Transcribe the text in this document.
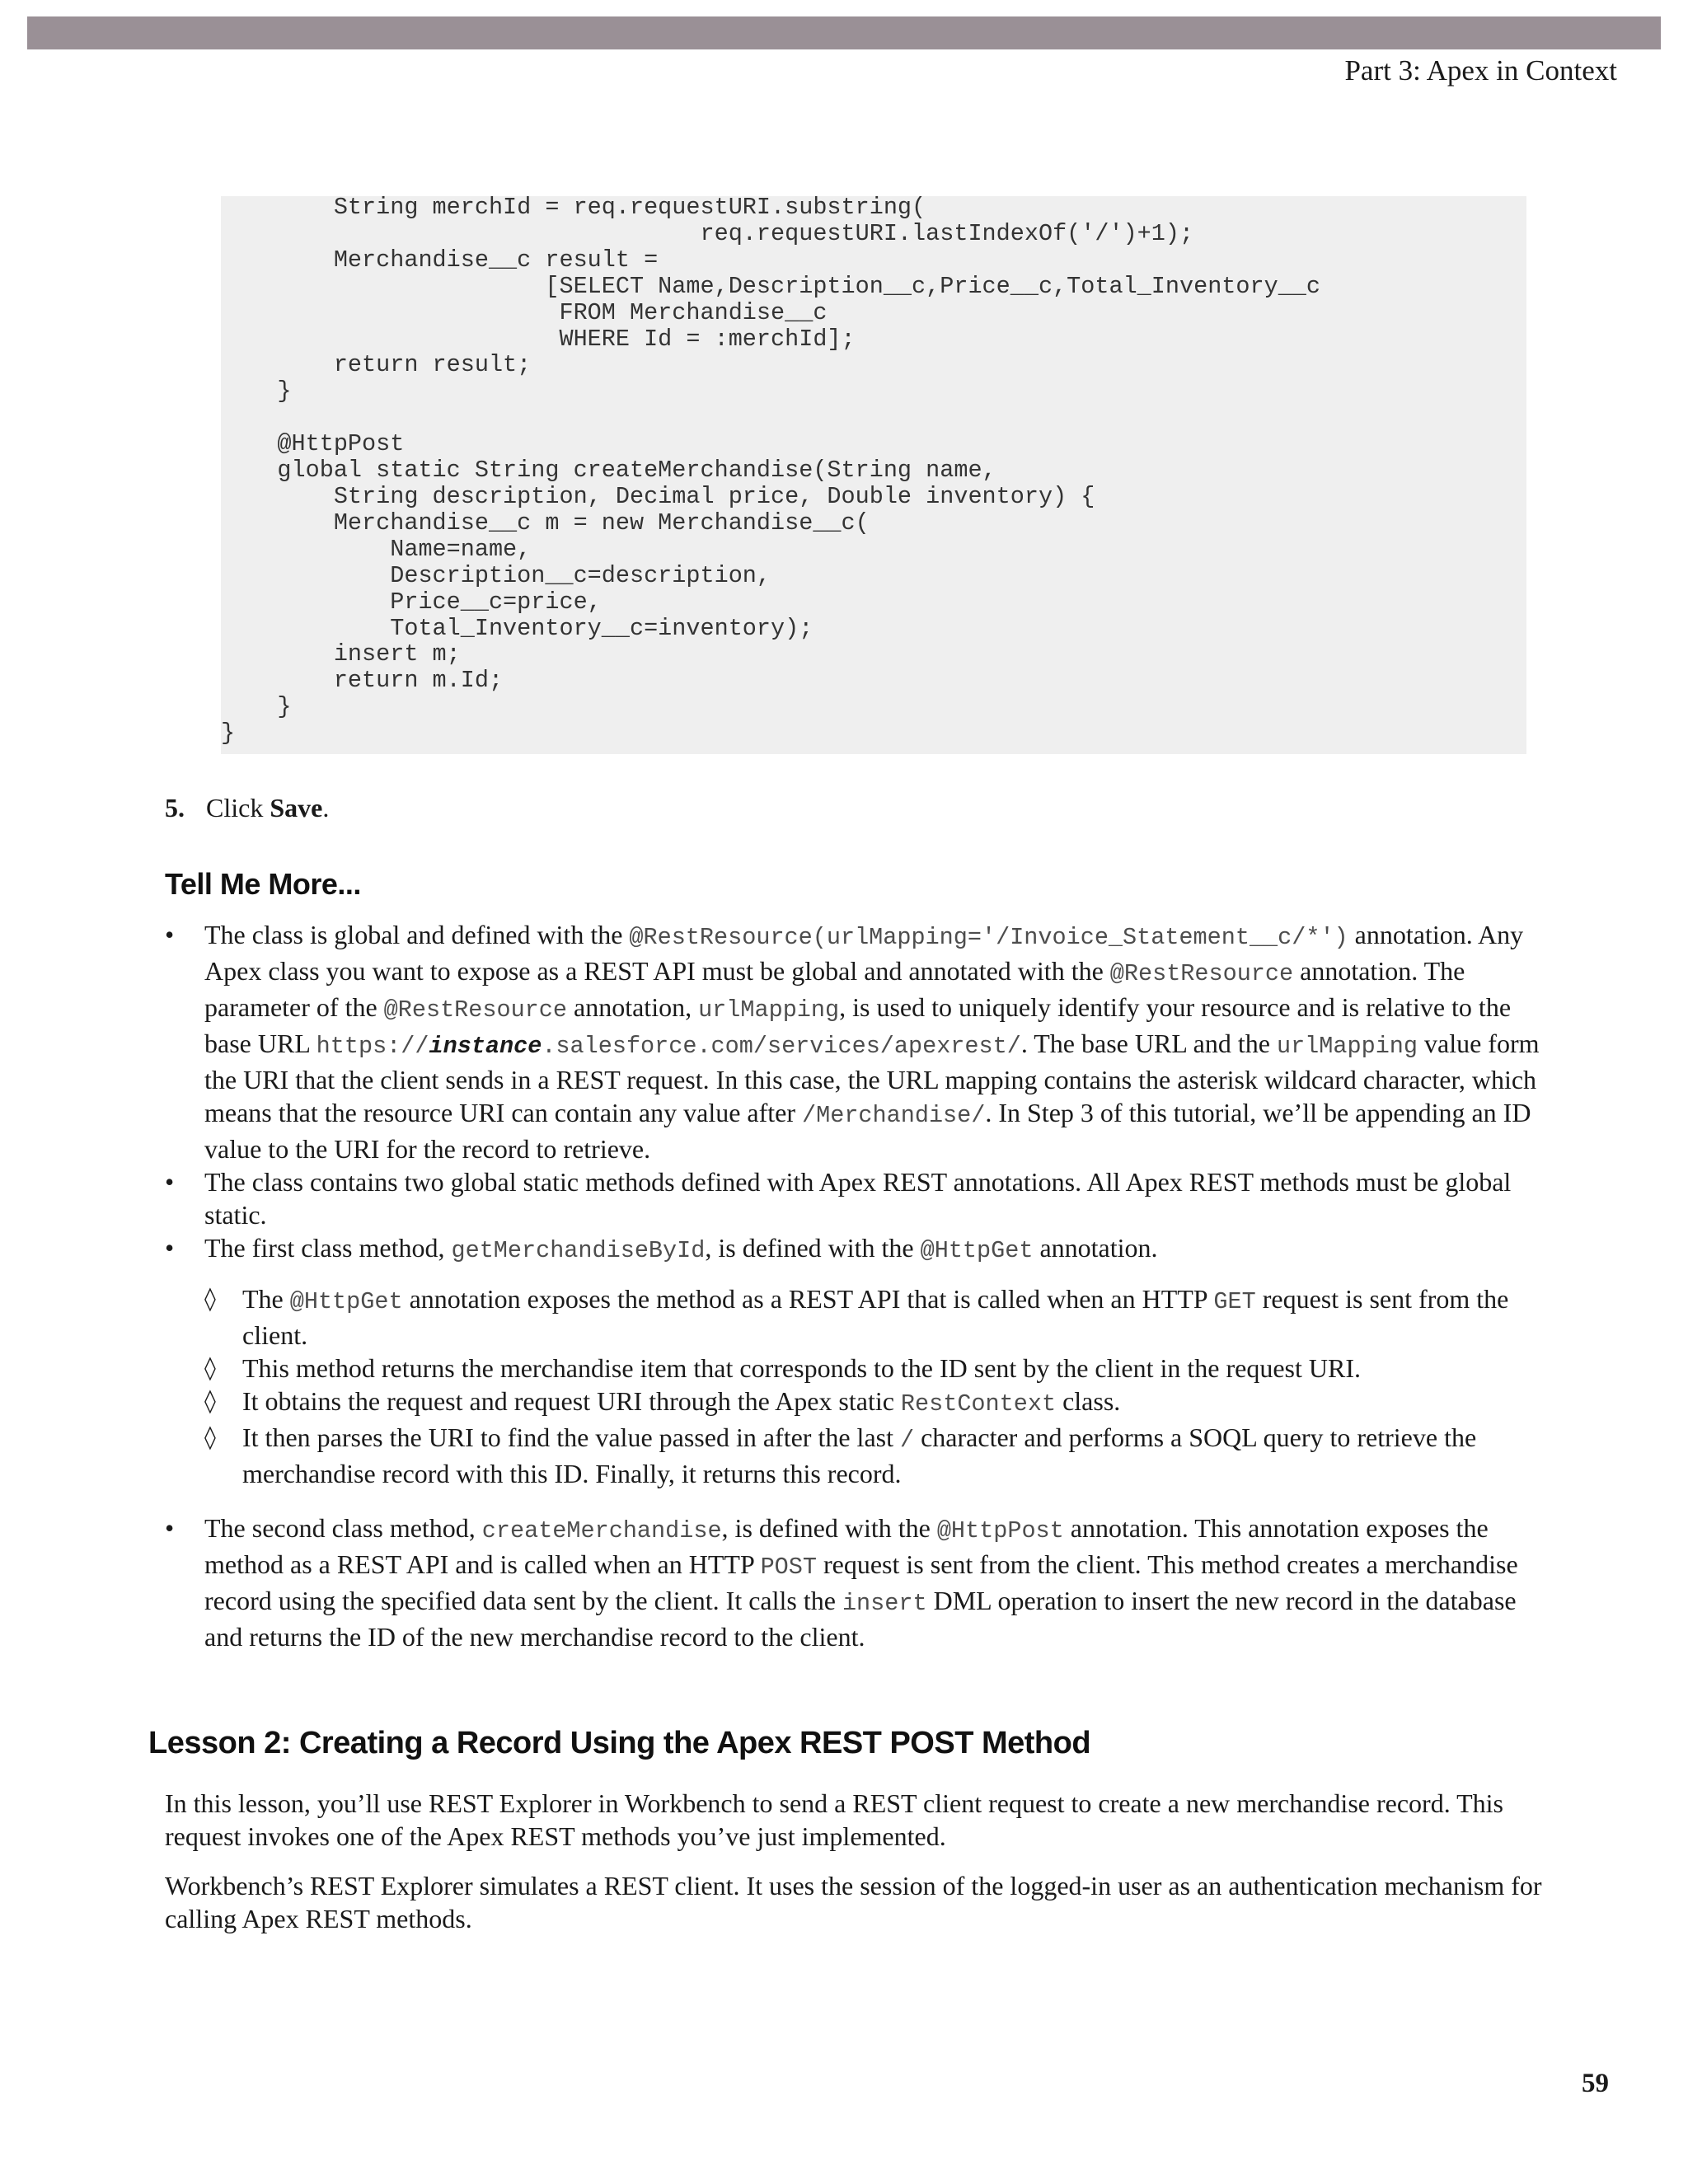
Part 3: Apex in Context
String merchId = req.requestURI.substring(
req.requestURI.lastIndexOf('/')+1);
Merchandise__c result =
[SELECT Name,Description__c,Price__c,Total_Inventory__c
FROM Merchandise__c
WHERE Id = :merchId];
return result;
}

@HttpPost
global static String createMerchandise(String name,
String description, Decimal price, Double inventory) {
Merchandise__c m = new Merchandise__c(
Name=name,
Description__c=description,
Price__c=price,
Total_Inventory__c=inventory);
insert m;
return m.Id;
}
}

5. Click Save.
Tell Me More...
• The class is global and defined with the @RestResource(urlMapping='/Invoice_Statement__c/*') annotation. Any Apex class you want to expose as a REST API must be global and annotated with the @RestResource annotation. The parameter of the @RestResource annotation, urlMapping, is used to uniquely identify your resource and is relative to the base URL https://instance.salesforce.com/services/apexrest/. The base URL and the urlMapping value form the URI that the client sends in a REST request. In this case, the URL mapping contains the asterisk wildcard character, which means that the resource URI can contain any value after /Merchandise/. In Step 3 of this tutorial, we’ll be appending an ID value to the URI for the record to retrieve.
• The class contains two global static methods defined with Apex REST annotations. All Apex REST methods must be global static.
• The first class method, getMerchandiseById, is defined with the @HttpGet annotation.
◊ The @HttpGet annotation exposes the method as a REST API that is called when an HTTP GET request is sent from the client.
◊ This method returns the merchandise item that corresponds to the ID sent by the client in the request URI.
◊ It obtains the request and request URI through the Apex static RestContext class.
◊ It then parses the URI to find the value passed in after the last / character and performs a SOQL query to retrieve the merchandise record with this ID. Finally, it returns this record.
• The second class method, createMerchandise, is defined with the @HttpPost annotation. This annotation exposes the method as a REST API and is called when an HTTP POST request is sent from the client. This method creates a merchandise record using the specified data sent by the client. It calls the insert DML operation to insert the new record in the database and returns the ID of the new merchandise record to the client.
Lesson 2: Creating a Record Using the Apex REST POST Method

In this lesson, you’ll use REST Explorer in Workbench to send a REST client request to create a new merchandise record. This request invokes one of the Apex REST methods you’ve just implemented.

Workbench’s REST Explorer simulates a REST client. It uses the session of the logged-in user as an authentication mechanism for calling Apex REST methods.

59
